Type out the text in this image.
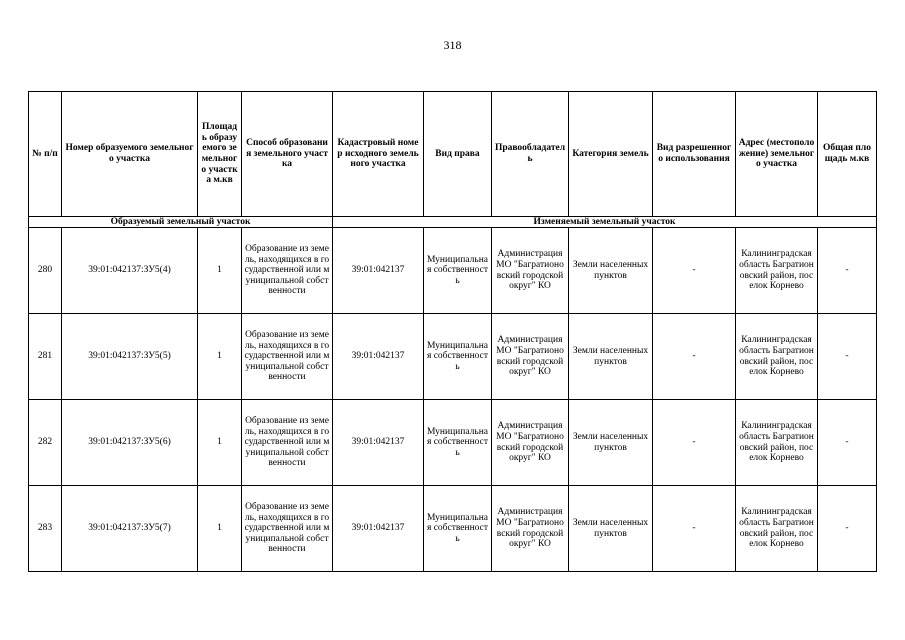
318
№ п/п	Номер образуемого земельного участка	Площадь образуемого земельного участка м.кв	Способ образования земельного участка	Кадастровый номер исходного земельного участка	Вид права	Правообладатель	Категория земель	Вид разрешенного использования	Адрес (местоположение) земельного участка	Общая площадь м.кв
Образуемый земельный участок				Изменяемый земельный участок						
280	39:01:042137:ЗУ5(4)	1	Образование из земель, находящихся в государственной или муниципальной собственности	39:01:042137	Муниципальная собственность	Администрация МО "Багратионовский городской округ" КО	Земли населенных пунктов	-	Калининградская область Багратионовский район, поселок Корнево	-
281	39:01:042137:ЗУ5(5)	1	Образование из земель, находящихся в государственной или муниципальной собственности	39:01:042137	Муниципальная собственность	Администрация МО "Багратионовский городской округ" КО	Земли населенных пунктов	-	Калининградская область Багратионовский район, поселок Корнево	-
282	39:01:042137:ЗУ5(6)	1	Образование из земель, находящихся в государственной или муниципальной собственности	39:01:042137	Муниципальная собственность	Администрация МО "Багратионовский городской округ" КО	Земли населенных пунктов	-	Калининградская область Багратионовский район, поселок Корнево	-
283	39:01:042137:ЗУ5(7)	1	Образование из земель, находящихся в государственной или муниципальной собственности	39:01:042137	Муниципальная собственность	Администрация МО "Багратионовский городской округ" КО	Земли населенных пунктов	-	Калининградская область Багратионовский район, поселок Корнево	-
